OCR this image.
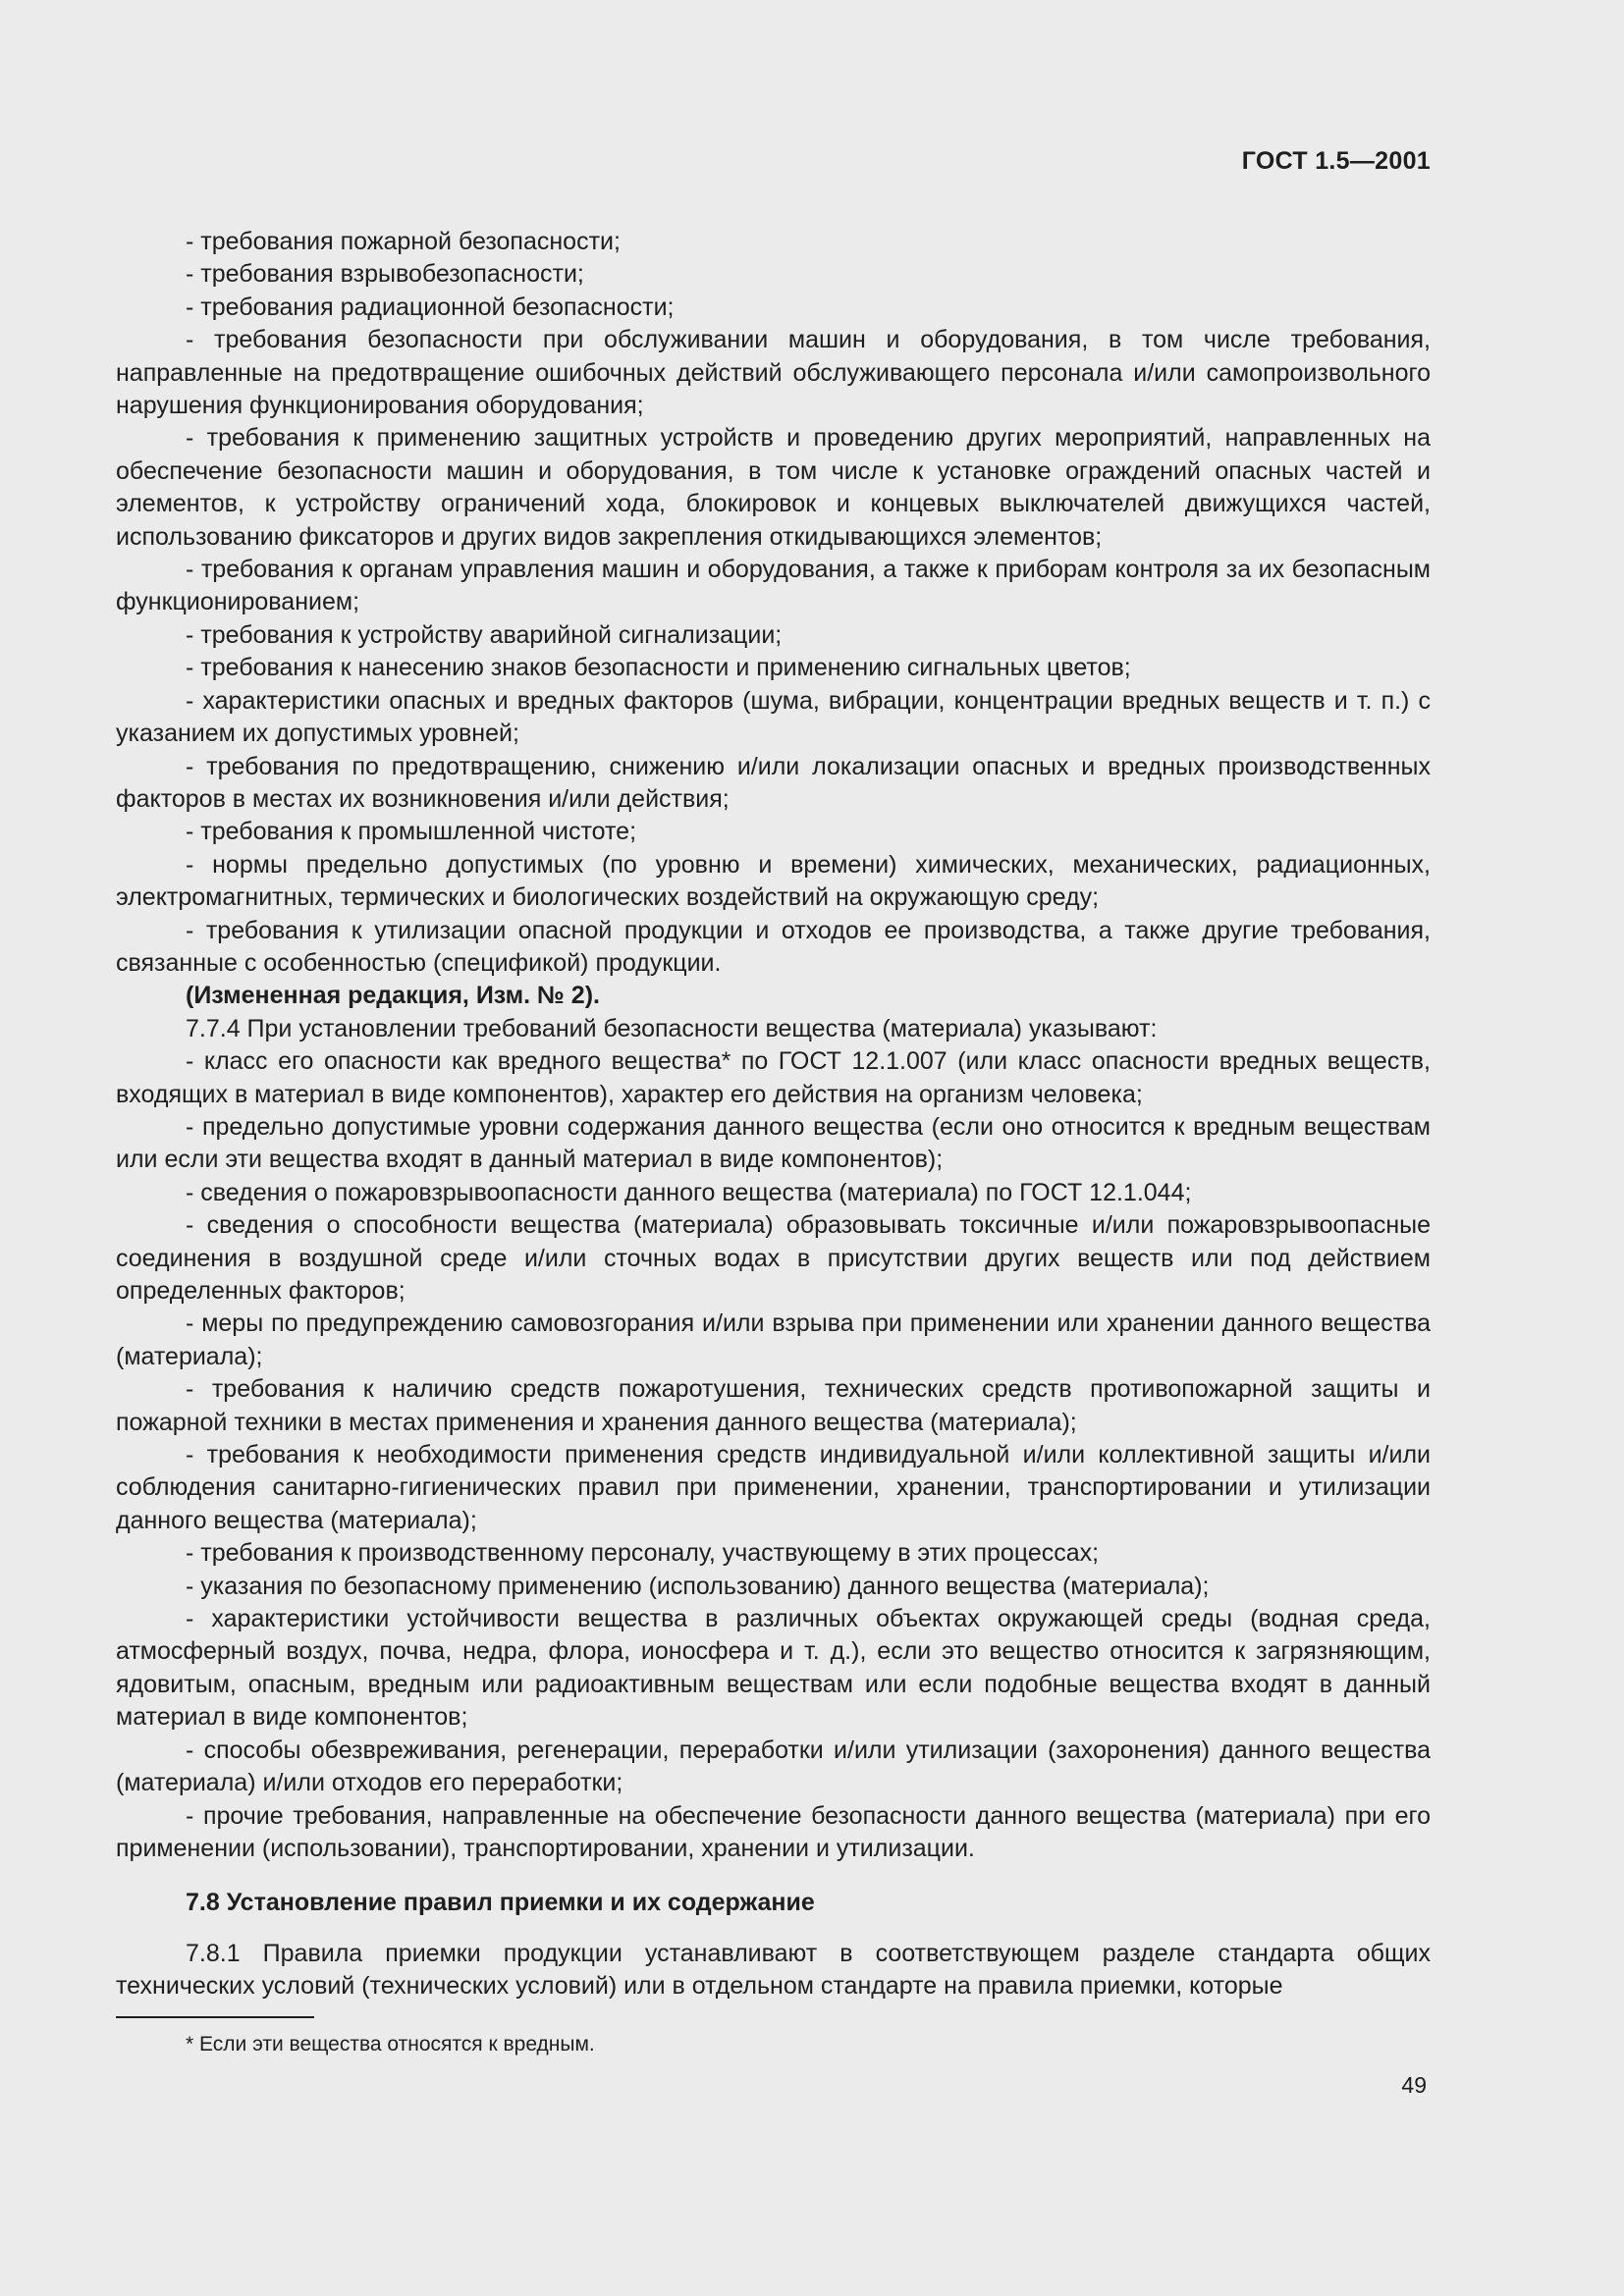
ГОСТ 1.5—2001

- требования пожарной безопасности;

- требования взрывобезопасности;

- требования радиационной безопасности;

- требования безопасности при обслуживании машин и оборудования, в том числе требования, направленные на предотвращение ошибочных действий обслуживающего персонала и/или самопроизвольного нарушения функционирования оборудования;

- требования к применению защитных устройств и проведению других мероприятий, направленных на обеспечение безопасности машин и оборудования, в том числе к установке ограждений опасных частей и элементов, к устройству ограничений хода, блокировок и концевых выключателей движущихся частей, использованию фиксаторов и других видов закрепления откидывающихся элементов;

- требования к органам управления машин и оборудования, а также к приборам контроля за их безопасным функционированием;

- требования к устройству аварийной сигнализации;

- требования к нанесению знаков безопасности и применению сигнальных цветов;

- характеристики опасных и вредных факторов (шума, вибрации, концентрации вредных веществ и т. п.) с указанием их допустимых уровней;

- требования по предотвращению, снижению и/или локализации опасных и вредных производственных факторов в местах их возникновения и/или действия;

- требования к промышленной чистоте;

- нормы предельно допустимых (по уровню и времени) химических, механических, радиационных, электромагнитных, термических и биологических воздействий на окружающую среду;

- требования к утилизации опасной продукции и отходов ее производства, а также другие требования, связанные с особенностью (спецификой) продукции.

(Измененная редакция, Изм. № 2).

7.7.4 При установлении требований безопасности вещества (материала) указывают:

- класс его опасности как вредного вещества* по ГОСТ 12.1.007 (или класс опасности вредных веществ, входящих в материал в виде компонентов), характер его действия на организм человека;

- предельно допустимые уровни содержания данного вещества (если оно относится к вредным веществам или если эти вещества входят в данный материал в виде компонентов);

- сведения о пожаровзрывоопасности данного вещества (материала) по ГОСТ 12.1.044;

- сведения о способности вещества (материала) образовывать токсичные и/или пожаровзрывоопасные соединения в воздушной среде и/или сточных водах в присутствии других веществ или под действием определенных факторов;

- меры по предупреждению самовозгорания и/или взрыва при применении или хранении данного вещества (материала);

- требования к наличию средств пожаротушения, технических средств противопожарной защиты и пожарной техники в местах применения и хранения данного вещества (материала);

- требования к необходимости применения средств индивидуальной и/или коллективной защиты и/или соблюдения санитарно-гигиенических правил при применении, хранении, транспортировании и утилизации данного вещества (материала);

- требования к производственному персоналу, участвующему в этих процессах;

- указания по безопасному применению (использованию) данного вещества (материала);

- характеристики устойчивости вещества в различных объектах окружающей среды (водная среда, атмосферный воздух, почва, недра, флора, ионосфера и т. д.), если это вещество относится к загрязняющим, ядовитым, опасным, вредным или радиоактивным веществам или если подобные вещества входят в данный материал в виде компонентов;

- способы обезвреживания, регенерации, переработки и/или утилизации (захоронения) данного вещества (материала) и/или отходов его переработки;

- прочие требования, направленные на обеспечение безопасности данного вещества (материала) при его применении (использовании), транспортировании, хранении и утилизации.

7.8 Установление правил приемки и их содержание

7.8.1 Правила приемки продукции устанавливают в соответствующем разделе стандарта общих технических условий (технических условий) или в отдельном стандарте на правила приемки, которые

* Если эти вещества относятся к вредным.
49
